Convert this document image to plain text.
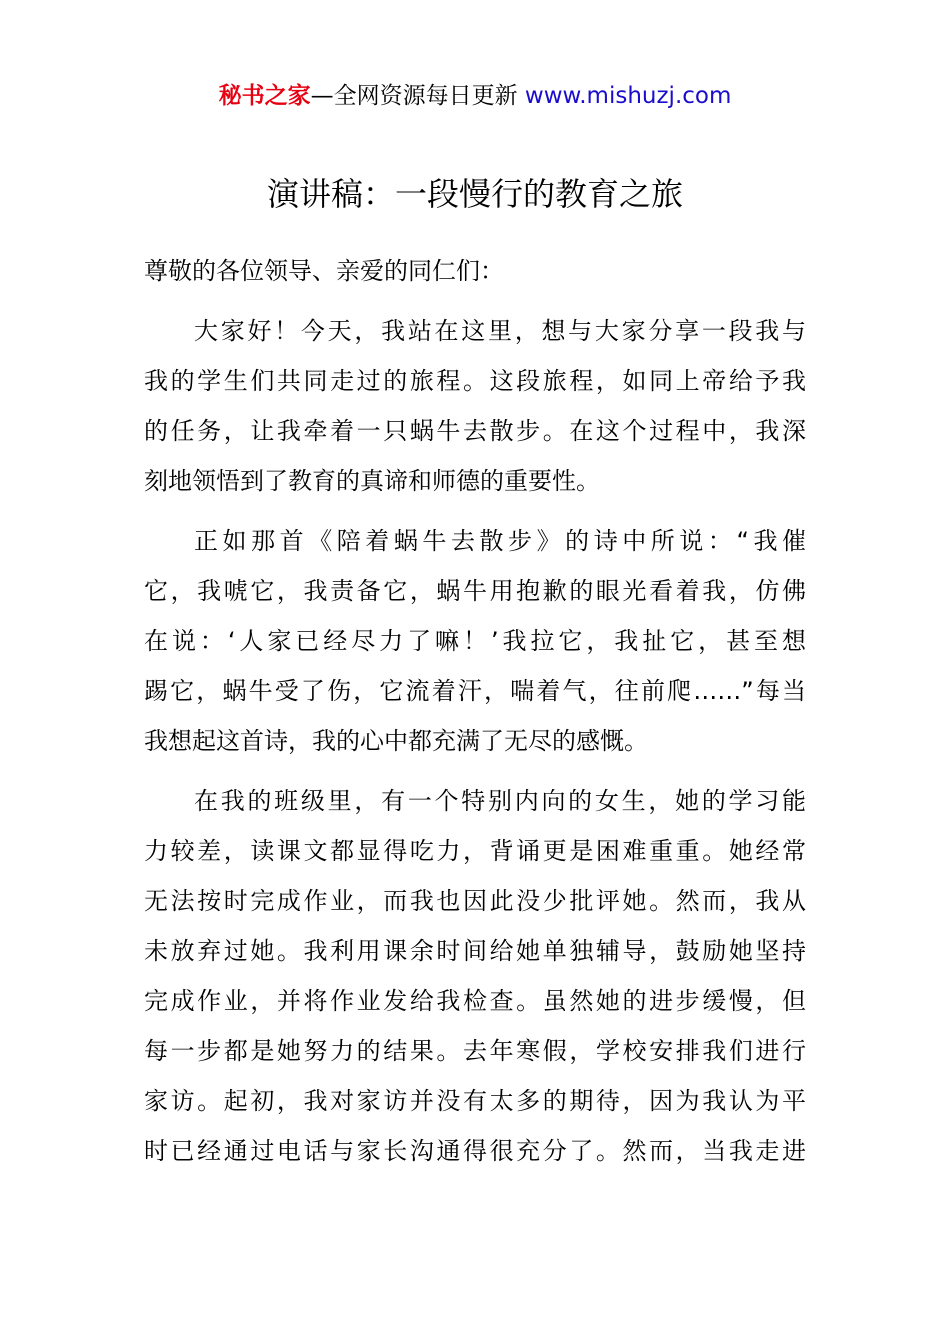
秘书之家—全网资源每日更新 www.mishuzj.com
演讲稿：一段慢行的教育之旅
尊敬的各位领导、亲爱的同仁们：
大家好！今天，我站在这里，想与大家分享一段我与
我的学生们共同走过的旅程。这段旅程，如同上帝给予我
的任务，让我牵着一只蜗牛去散步。在这个过程中，我深
刻地领悟到了教育的真谛和师德的重要性。
正如那首《陪着蜗牛去散步》的诗中所说：“我催
它，我唬它，我责备它，蜗牛用抱歉的眼光看着我，仿佛
在说：‘人家已经尽力了嘛！’我拉它，我扯它，甚至想
踢它，蜗牛受了伤，它流着汗，喘着气，往前爬……”每当
我想起这首诗，我的心中都充满了无尽的感慨。
在我的班级里，有一个特别内向的女生，她的学习能
力较差，读课文都显得吃力，背诵更是困难重重。她经常
无法按时完成作业，而我也因此没少批评她。然而，我从
未放弃过她。我利用课余时间给她单独辅导，鼓励她坚持
完成作业，并将作业发给我检查。虽然她的进步缓慢，但
每一步都是她努力的结果。去年寒假，学校安排我们进行
家访。起初，我对家访并没有太多的期待，因为我认为平
时已经通过电话与家长沟通得很充分了。然而，当我走进
